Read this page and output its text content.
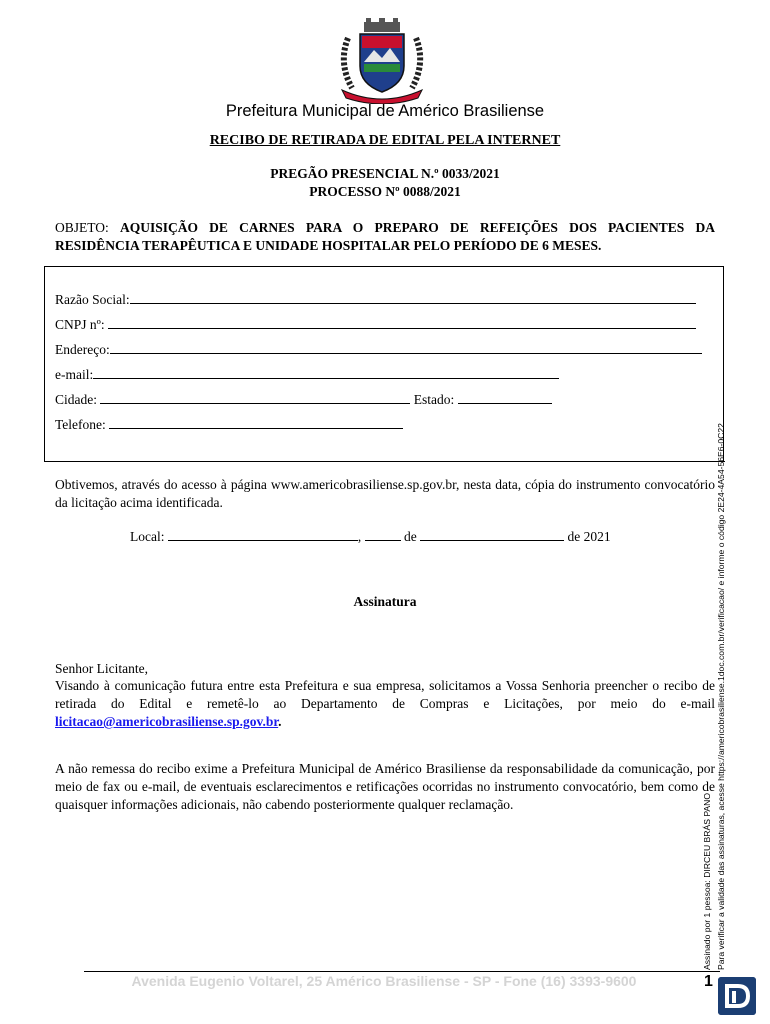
Prefeitura Municipal de Américo Brasiliense
RECIBO DE RETIRADA DE EDITAL PELA INTERNET
PREGÃO PRESENCIAL N.º 0033/2021
PROCESSO Nº 0088/2021
OBJETO: AQUISIÇÃO DE CARNES PARA O PREPARO DE REFEIÇÕES DOS PACIENTES DA RESIDÊNCIA TERAPÊUTICA E UNIDADE HOSPITALAR PELO PERÍODO DE 6 MESES.
Razão Social:
CNPJ nº:
Endereço:
e-mail:
Cidade:	Estado:
Telefone:
Obtivemos, através do acesso à página www.americobrasiliense.sp.gov.br, nesta data, cópia do instrumento convocatório da licitação acima identificada.
Local:	,	de	de 2021
Assinatura
Senhor Licitante,
Visando à comunicação futura entre esta Prefeitura e sua empresa, solicitamos a Vossa Senhoria preencher o recibo de retirada do Edital e remetê-lo ao Departamento de Compras e Licitações, por meio do e-mail licitacao@americobrasiliense.sp.gov.br.
A não remessa do recibo exime a Prefeitura Municipal de Américo Brasiliense da responsabilidade da comunicação, por meio de fax ou e-mail, de eventuais esclarecimentos e retificações ocorridas no instrumento convocatório, bem como de quaisquer informações adicionais, não cabendo posteriormente qualquer reclamação.	Assinado por 1 pessoa: DIRCEU BRÁS PANO Para verificar a validade das assinaturas, acesse https://americobrasiliense.1doc.com.br/verificacao/ e informe o código 2E24-4A54-56E6-0C22
Avenida Eugenio Voltarel, 25 Américo Brasiliense - SP - Fone (16) 3393-9600	1
